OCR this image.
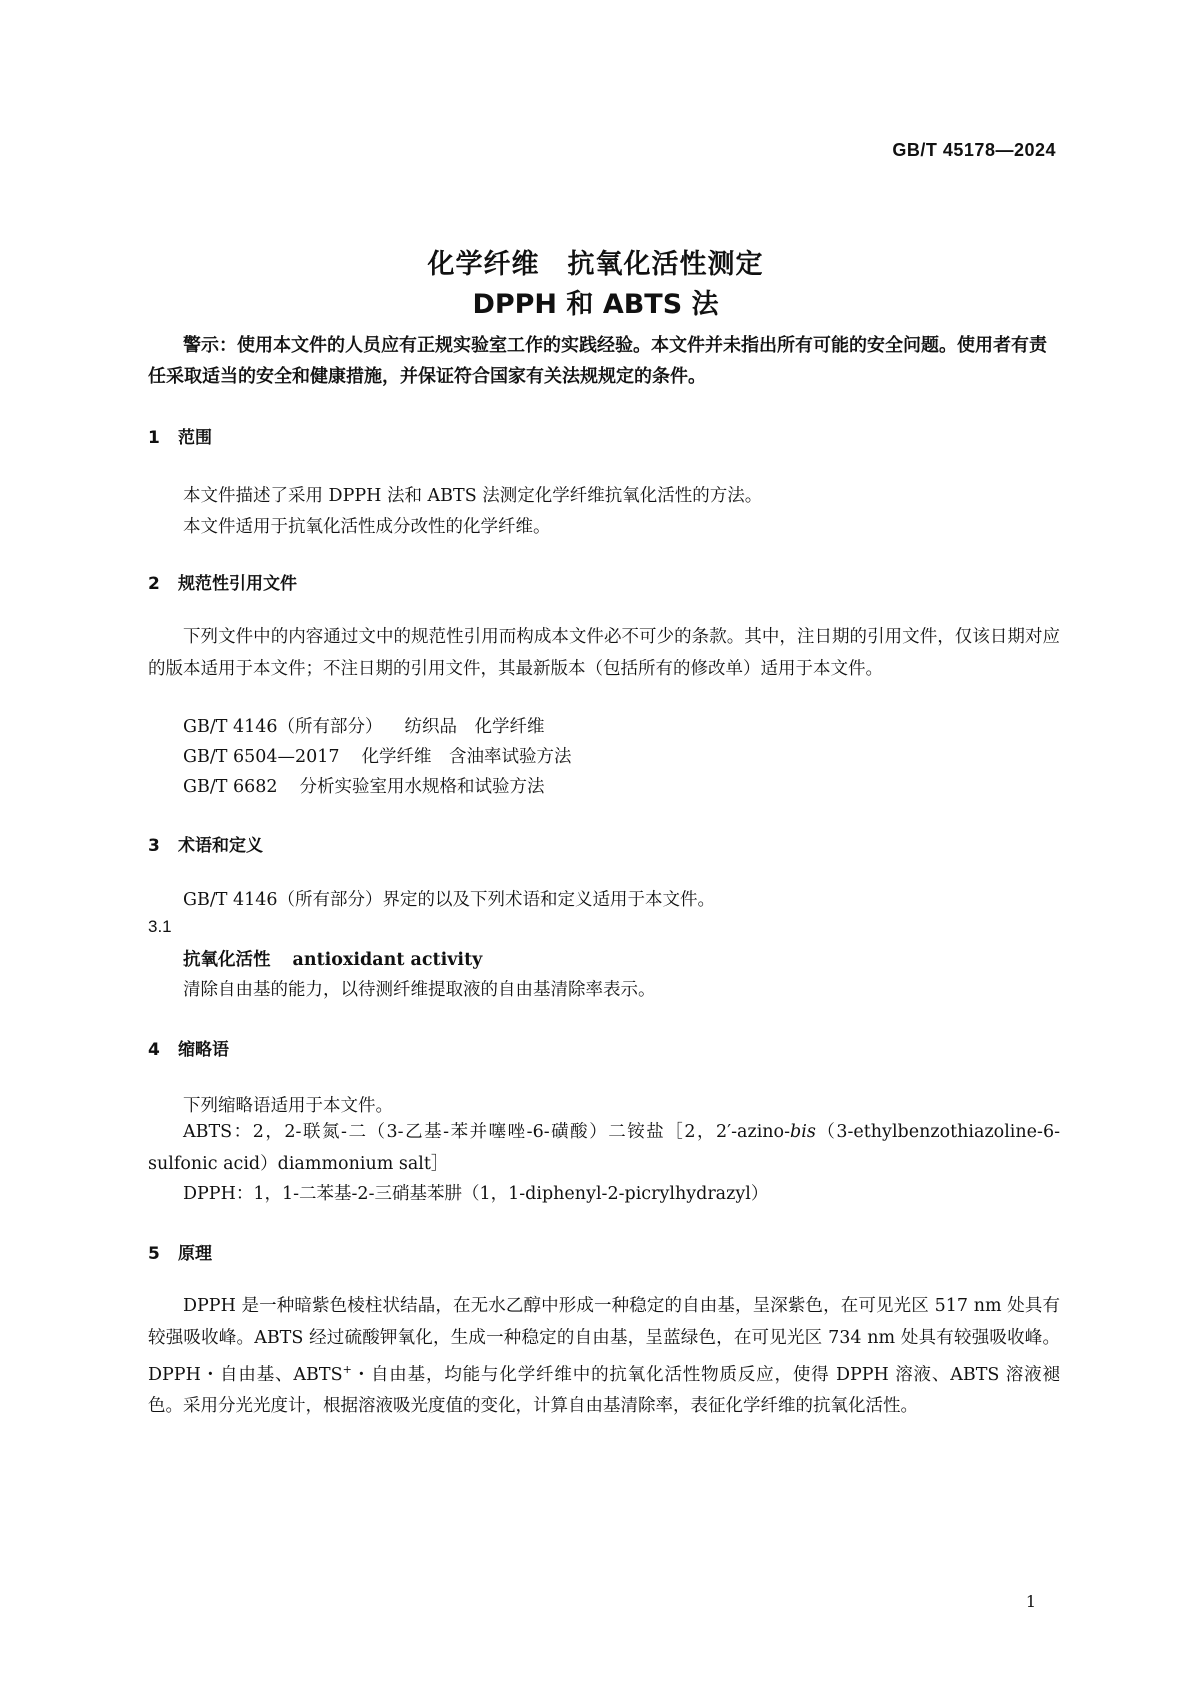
GB/T 45178—2024
化学纤维　抗氧化活性测定
DPPH 和 ABTS 法
警示：使用本文件的人员应有正规实验室工作的实践经验。本文件并未指出所有可能的安全问题。使用者有责任采取适当的安全和健康措施，并保证符合国家有关法规规定的条件。
1 范围
本文件描述了采用 DPPH 法和 ABTS 法测定化学纤维抗氧化活性的方法。
本文件适用于抗氧化活性成分改性的化学纤维。
2 规范性引用文件
下列文件中的内容通过文中的规范性引用而构成本文件必不可少的条款。其中，注日期的引用文件，仅该日期对应的版本适用于本文件；不注日期的引用文件，其最新版本（包括所有的修改单）适用于本文件。
GB/T 4146（所有部分） 纺织品　化学纤维
GB/T 6504—2017 化学纤维　含油率试验方法
GB/T 6682 分析实验室用水规格和试验方法
3 术语和定义
GB/T 4146（所有部分）界定的以及下列术语和定义适用于本文件。
3.1
抗氧化活性 antioxidant activity
清除自由基的能力，以待测纤维提取液的自由基清除率表示。
4 缩略语
下列缩略语适用于本文件。
ABTS：2，2-联氮-二（3-乙基-苯并噻唑-6-磺酸）二铵盐［2，2′-azino-bis（3-ethylbenzothiazoline-6-sulfonic acid）diammonium salt］
DPPH：1，1-二苯基-2-三硝基苯肼（1，1-diphenyl-2-picrylhydrazyl）
5 原理
DPPH 是一种暗紫色棱柱状结晶，在无水乙醇中形成一种稳定的自由基，呈深紫色，在可见光区 517 nm 处具有较强吸收峰。ABTS 经过硫酸钾氧化，生成一种稳定的自由基，呈蓝绿色，在可见光区 734 nm 处具有较强吸收峰。DPPH・自由基、ABTS+・自由基，均能与化学纤维中的抗氧化活性物质反应，使得 DPPH 溶液、ABTS 溶液褪色。采用分光光度计，根据溶液吸光度值的变化，计算自由基清除率，表征化学纤维的抗氧化活性。
1
